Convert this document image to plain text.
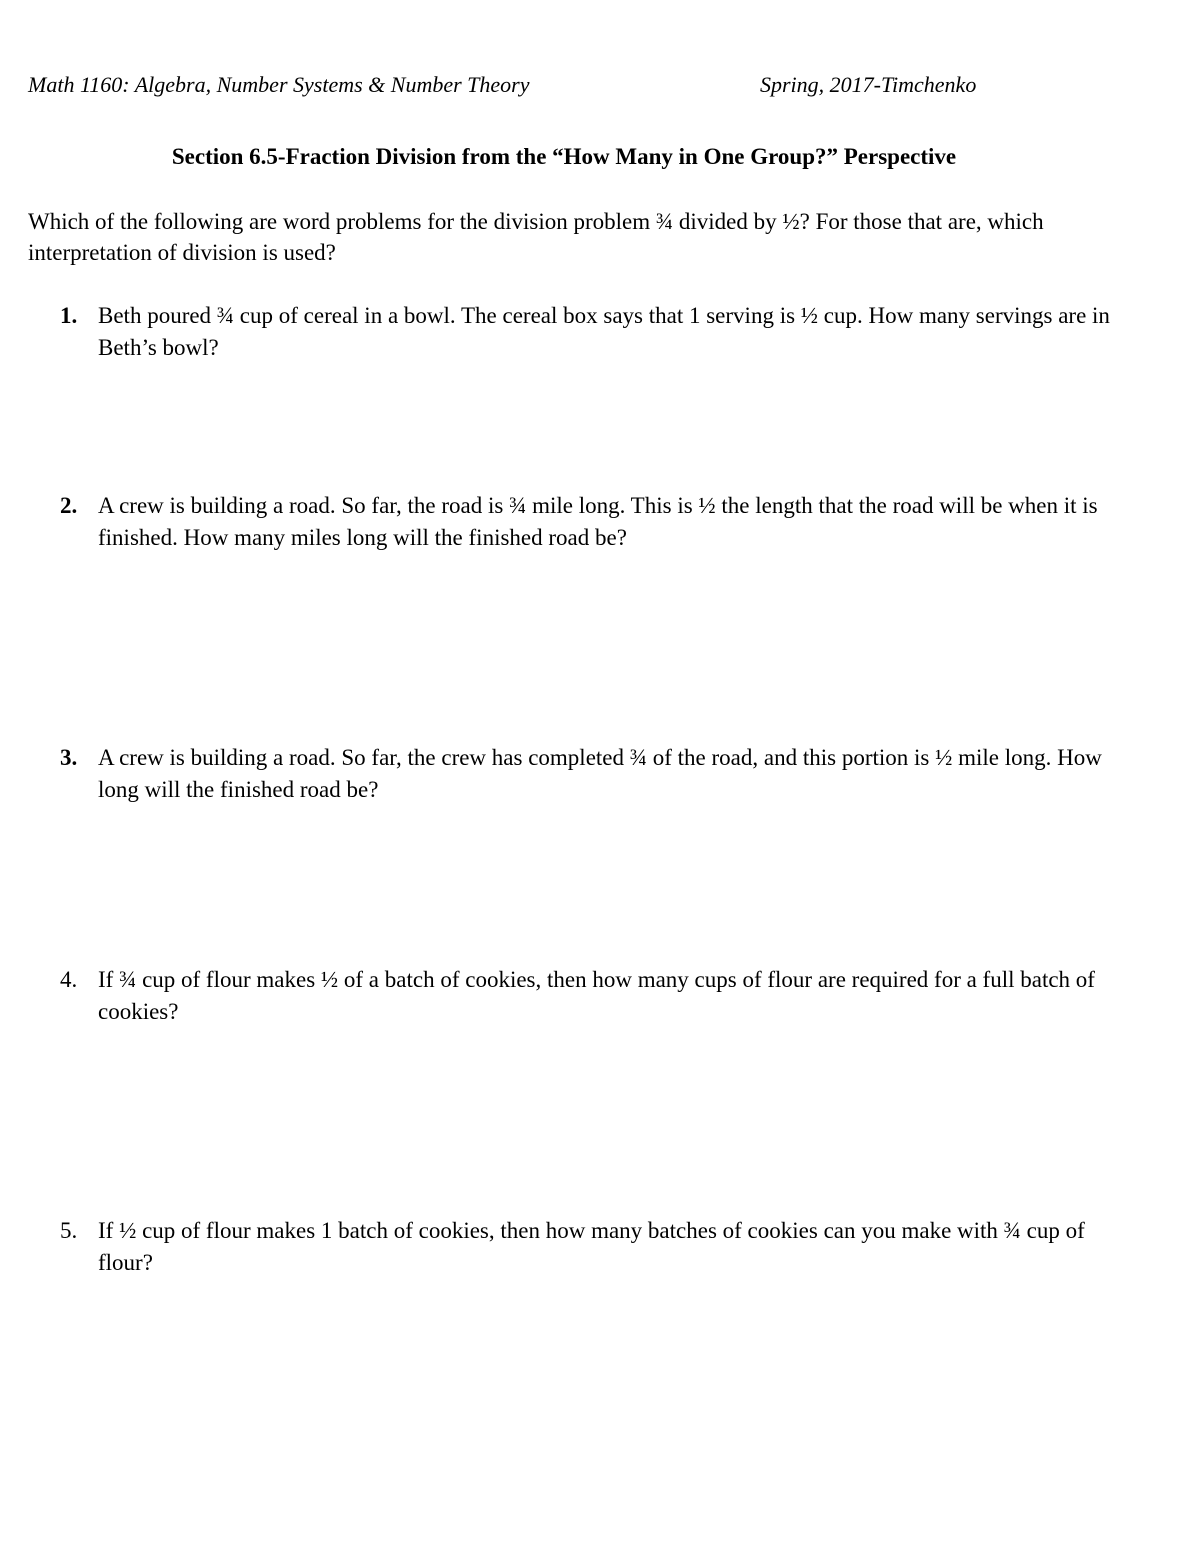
Math 1160: Algebra, Number Systems & Number Theory	Spring, 2017-Timchenko
Section 6.5-Fraction Division from the “How Many in One Group?” Perspective
Which of the following are word problems for the division problem ¾ divided by ½? For those that are, which interpretation of division is used?
1. Beth poured ¾ cup of cereal in a bowl. The cereal box says that 1 serving is ½ cup. How many servings are in Beth’s bowl?
2. A crew is building a road. So far, the road is ¾ mile long. This is ½ the length that the road will be when it is finished. How many miles long will the finished road be?
3. A crew is building a road. So far, the crew has completed ¾ of the road, and this portion is ½ mile long. How long will the finished road be?
4. If ¾ cup of flour makes ½ of a batch of cookies, then how many cups of flour are required for a full batch of cookies?
5. If ½ cup of flour makes 1 batch of cookies, then how many batches of cookies can you make with ¾ cup of flour?
